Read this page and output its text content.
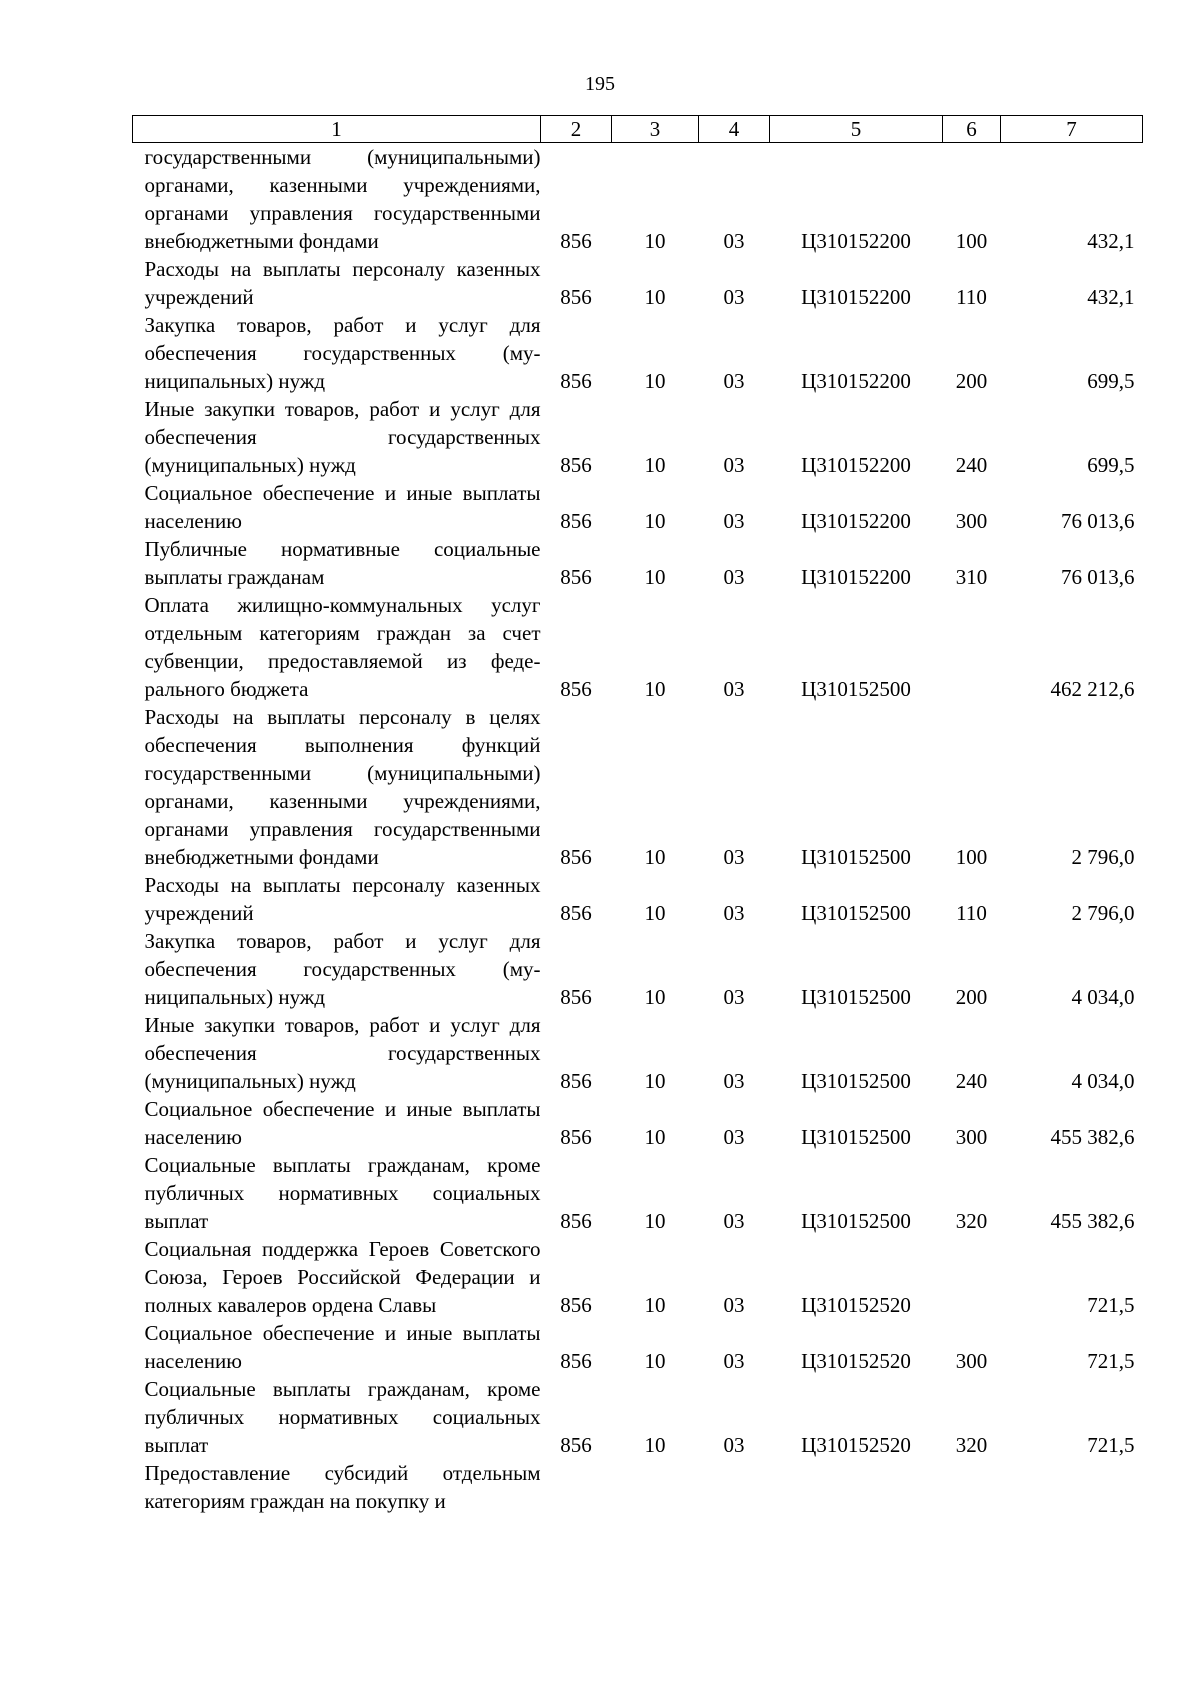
195
1	2	3	4	5	6	7
государственными (муниципальными) органами, казенными учреждениями, органами управления государственными внебюджетными фондами	856	10	03	Ц310152200	100	432,1
Расходы на выплаты персоналу казенных учреждений	856	10	03	Ц310152200	110	432,1
Закупка товаров, работ и услуг для обеспечения государственных (муниципальных) нужд	856	10	03	Ц310152200	200	699,5
Иные закупки товаров, работ и услуг для обеспечения государственных (муниципальных) нужд	856	10	03	Ц310152200	240	699,5
Социальное обеспечение и иные выплаты населению	856	10	03	Ц310152200	300	76 013,6
Публичные нормативные социальные выплаты гражданам	856	10	03	Ц310152200	310	76 013,6
Оплата жилищно-коммунальных услуг отдельным категориям граждан за счет субвенции, предоставляемой из федерального бюджета	856	10	03	Ц310152500		462 212,6
Расходы на выплаты персоналу в целях обеспечения выполнения функций государственными (муниципальными) органами, казенными учреждениями, органами управления государственными внебюджетными фондами	856	10	03	Ц310152500	100	2 796,0
Расходы на выплаты персоналу казенных учреждений	856	10	03	Ц310152500	110	2 796,0
Закупка товаров, работ и услуг для обеспечения государственных (муниципальных) нужд	856	10	03	Ц310152500	200	4 034,0
Иные закупки товаров, работ и услуг для обеспечения государственных (муниципальных) нужд	856	10	03	Ц310152500	240	4 034,0
Социальное обеспечение и иные выплаты населению	856	10	03	Ц310152500	300	455 382,6
Социальные выплаты гражданам, кроме публичных нормативных социальных выплат	856	10	03	Ц310152500	320	455 382,6
Социальная поддержка Героев Советского Союза, Героев Российской Федерации и полных кавалеров ордена Славы	856	10	03	Ц310152520		721,5
Социальное обеспечение и иные выплаты населению	856	10	03	Ц310152520	300	721,5
Социальные выплаты гражданам, кроме публичных нормативных социальных выплат	856	10	03	Ц310152520	320	721,5
Предоставление субсидий отдельным категориям граждан на покупку и						
